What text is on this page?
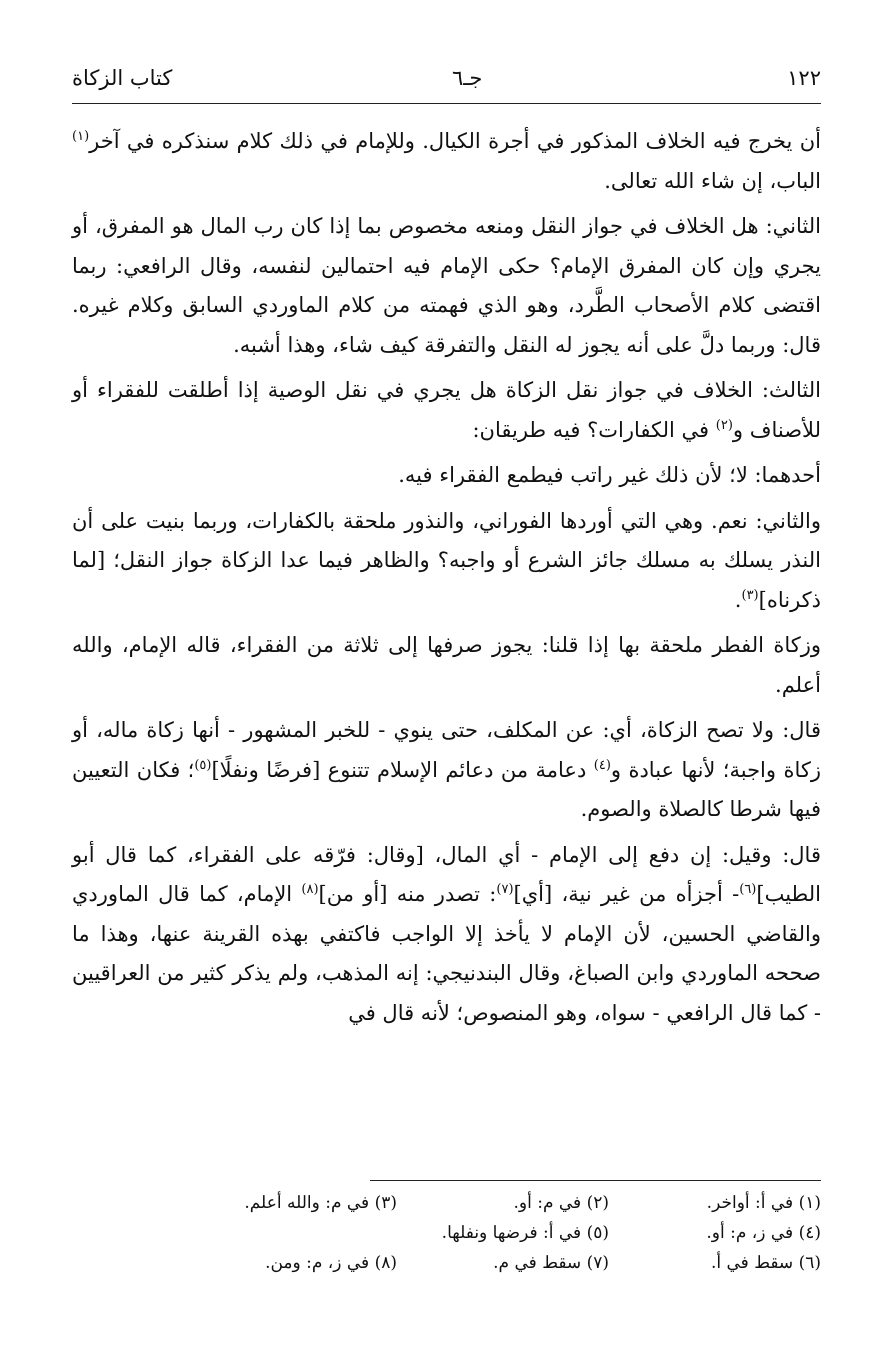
١٢٢
جـ٦
كتاب الزكاة

أن يخرج فيه الخلاف المذكور في أجرة الكيال. وللإمام في ذلك كلام سنذكره في آخر$^{(١)}$ الباب، إن شاء الله تعالى.

الثاني: هل الخلاف في جواز النقل ومنعه مخصوص بما إذا كان رب المال هو المفرق، أو يجري وإن كان المفرق الإمام؟ حكى الإمام فيه احتمالين لنفسه، وقال الرافعي: ربما اقتضى كلام الأصحاب الطَّرد، وهو الذي فهمته من كلام الماوردي السابق وكلام غيره. قال: وربما دلَّ على أنه يجوز له النقل والتفرقة كيف شاء، وهذا أشبه.

الثالث: الخلاف في جواز نقل الزكاة هل يجري في نقل الوصية إذا أطلقت للفقراء أو للأصناف و$^{(٢)}$ في الكفارات؟ فيه طريقان:

أحدهما: لا؛ لأن ذلك غير راتب فيطمع الفقراء فيه.

والثاني: نعم. وهي التي أوردها الفوراني، والنذور ملحقة بالكفارات، وربما بنيت على أن النذر يسلك به مسلك جائز الشرع أو واجبه؟ والظاهر فيما عدا الزكاة جواز النقل؛ [لما ذكرناه]$^{(٣)}$.

وزكاة الفطر ملحقة بها إذا قلنا: يجوز صرفها إلى ثلاثة من الفقراء، قاله الإمام، والله أعلم.

قال: ولا تصح الزكاة، أي: عن المكلف، حتى ينوي - للخبر المشهور - أنها زكاة ماله، أو زكاة واجبة؛ لأنها عبادة و$^{(٤)}$ دعامة من دعائم الإسلام تتنوع [فرضًا ونفلًا]$^{(٥)}$؛ فكان التعيين فيها شرطا كالصلاة والصوم.

قال: وقيل: إن دفع إلى الإمام - أي المال، [وقال: فرّقه على الفقراء، كما قال أبو الطيب]$^{(٦)}$- أجزأه من غير نية، [أي]$^{(٧)}$: تصدر منه [أو من]$^{(٨)}$ الإمام، كما قال الماوردي والقاضي الحسين، لأن الإمام لا يأخذ إلا الواجب فاكتفي بهذه القرينة عنها، وهذا ما صححه الماوردي وابن الصباغ، وقال البندنيجي: إنه المذهب، ولم يذكر كثير من العراقيين - كما قال الرافعي - سواه، وهو المنصوص؛ لأنه قال في

(١) في أ: أواخر.
(٢) في م: أو.
(٣) في م: والله أعلم.
(٤) في ز، م: أو.
(٥) في أ: فرضها ونفلها.
(٦) سقط في أ.
(٧) سقط في م.
(٨) في ز، م: ومن.
